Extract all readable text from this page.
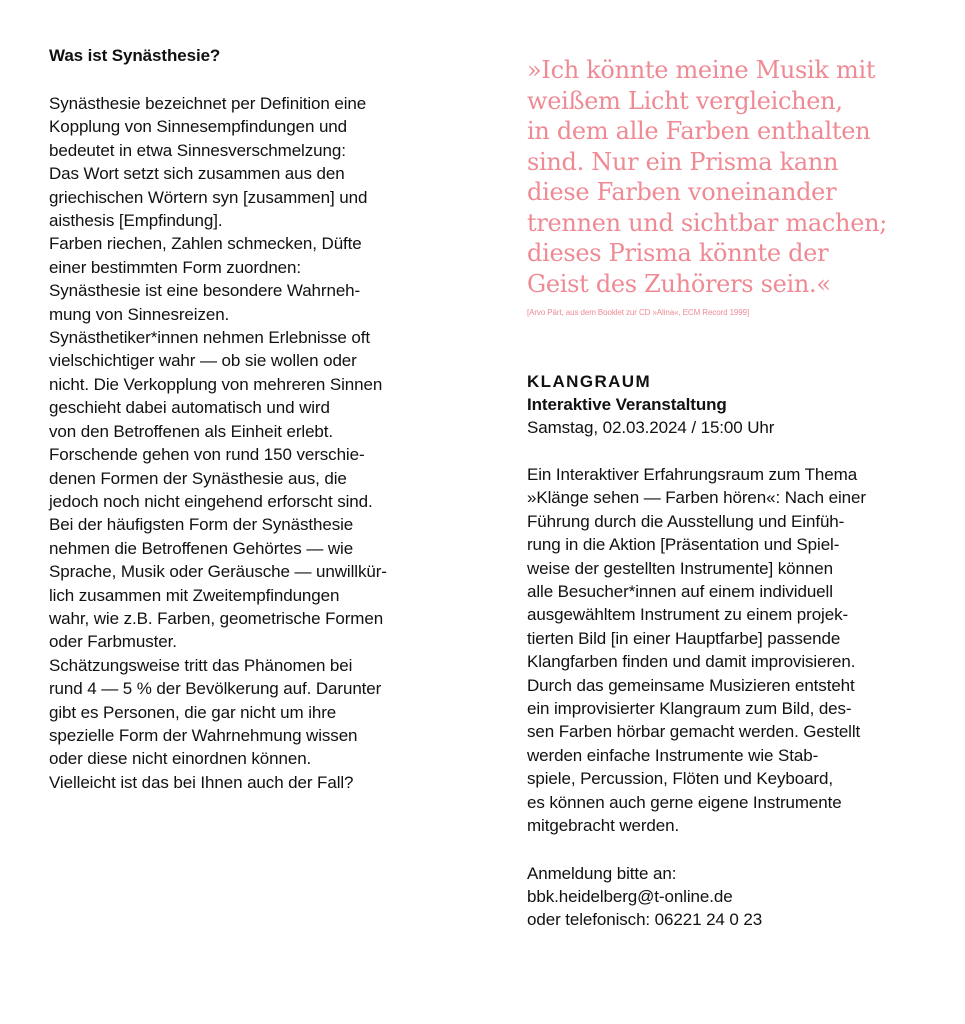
Was ist Synästhesie?
Synästhesie bezeichnet per Definition eine
Kopplung von Sinnesempfindungen und
bedeutet in etwa Sinnesverschmelzung:
Das Wort setzt sich zusammen aus den
griechischen Wörtern syn [zusammen] und
aisthesis [Empfindung].
Farben riechen, Zahlen schmecken, Düfte
einer bestimmten Form zuordnen:
Synästhesie ist eine besondere Wahrneh-
mung von Sinnesreizen.
Synästhetiker*innen nehmen Erlebnisse oft
vielschichtiger wahr — ob sie wollen oder
nicht. Die Verkopplung von mehreren Sinnen
geschieht dabei automatisch und wird
von den Betroffenen als Einheit erlebt.
Forschende gehen von rund 150 verschie-
denen Formen der Synästhesie aus, die
jedoch noch nicht eingehend erforscht sind.
Bei der häufigsten Form der Synästhesie
nehmen die Betroffenen Gehörtes — wie
Sprache, Musik oder Geräusche — unwillkür-
lich zusammen mit Zweitempfindungen
wahr, wie z.B. Farben, geometrische Formen
oder Farbmuster.
Schätzungsweise tritt das Phänomen bei
rund 4 — 5 % der Bevölkerung auf. Darunter
gibt es Personen, die gar nicht um ihre
spezielle Form der Wahrnehmung wissen
oder diese nicht einordnen können.
Vielleicht ist das bei Ihnen auch der Fall?
»Ich könnte meine Musik mit
weißem Licht vergleichen,
in dem alle Farben enthalten
sind. Nur ein Prisma kann
diese Farben voneinander
trennen und sichtbar machen;
dieses Prisma könnte der
Geist des Zuhörers sein.«
[Arvo Pärt, aus dem Booklet zur CD »Alina«, ECM Record 1999]
KLANGRAUM
Interaktive Veranstaltung
Samstag, 02.03.2024 / 15:00 Uhr
Ein Interaktiver Erfahrungsraum zum Thema
»Klänge sehen — Farben hören«: Nach einer
Führung durch die Ausstellung und Einfüh-
rung in die Aktion [Präsentation und Spiel-
weise der gestellten Instrumente] können
alle Besucher*innen auf einem individuell
ausgewähltem Instrument zu einem projek-
tierten Bild [in einer Hauptfarbe] passende
Klangfarben finden und damit improvisieren.
Durch das gemeinsame Musizieren entsteht
ein improvisierter Klangraum zum Bild, des-
sen Farben hörbar gemacht werden. Gestellt
werden einfache Instrumente wie Stab-
spiele, Percussion, Flöten und Keyboard,
es können auch gerne eigene Instrumente
mitgebracht werden.
Anmeldung bitte an:
bbk.heidelberg@t-online.de
oder telefonisch: 06221 24 0 23
